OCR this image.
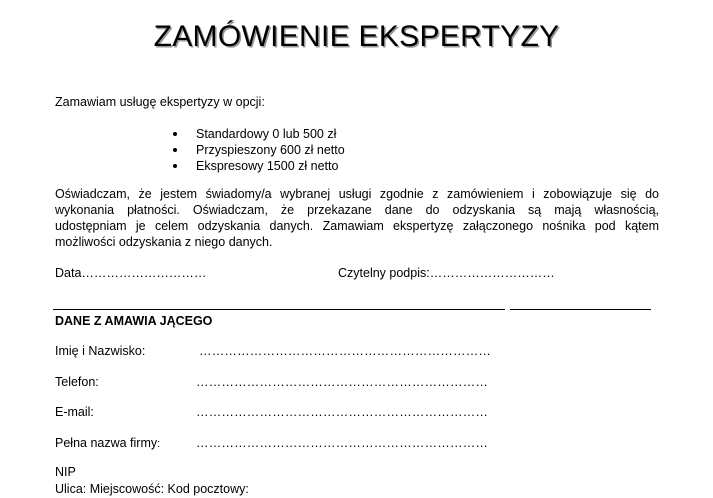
ZAMÓWIENIE EKSPERTYZY
Zamawiam usługę ekspertyzy w opcji:
Standardowy 0 lub 500 zł
Przyspieszony 600 zł netto
Ekspresowy 1500 zł netto
Oświadczam, że jestem świadomy/a wybranej usługi zgodnie z zamówieniem i zobowiązuje się do
wykonania płatności. Oświadczam, że przekazane dane do odzyskania są mają własnością,
udostępniam je celem odzyskania danych. Zamawiam ekspertyzę załączonego nośnika pod kątem
możliwości odzyskania z niego danych.
Data…………………………	Czytelny podpis:…………………………
DANE Z AMAWIA JĄCEGO
Imię i Nazwisko:	……………………………………………………………
Telefon:	……………………………………………………………
E-mail:	……………………………………………………………
Pełna nazwa firmy:	……………………………………………………………
NIP
Ulica: Miejscowość: Kod pocztowy:
